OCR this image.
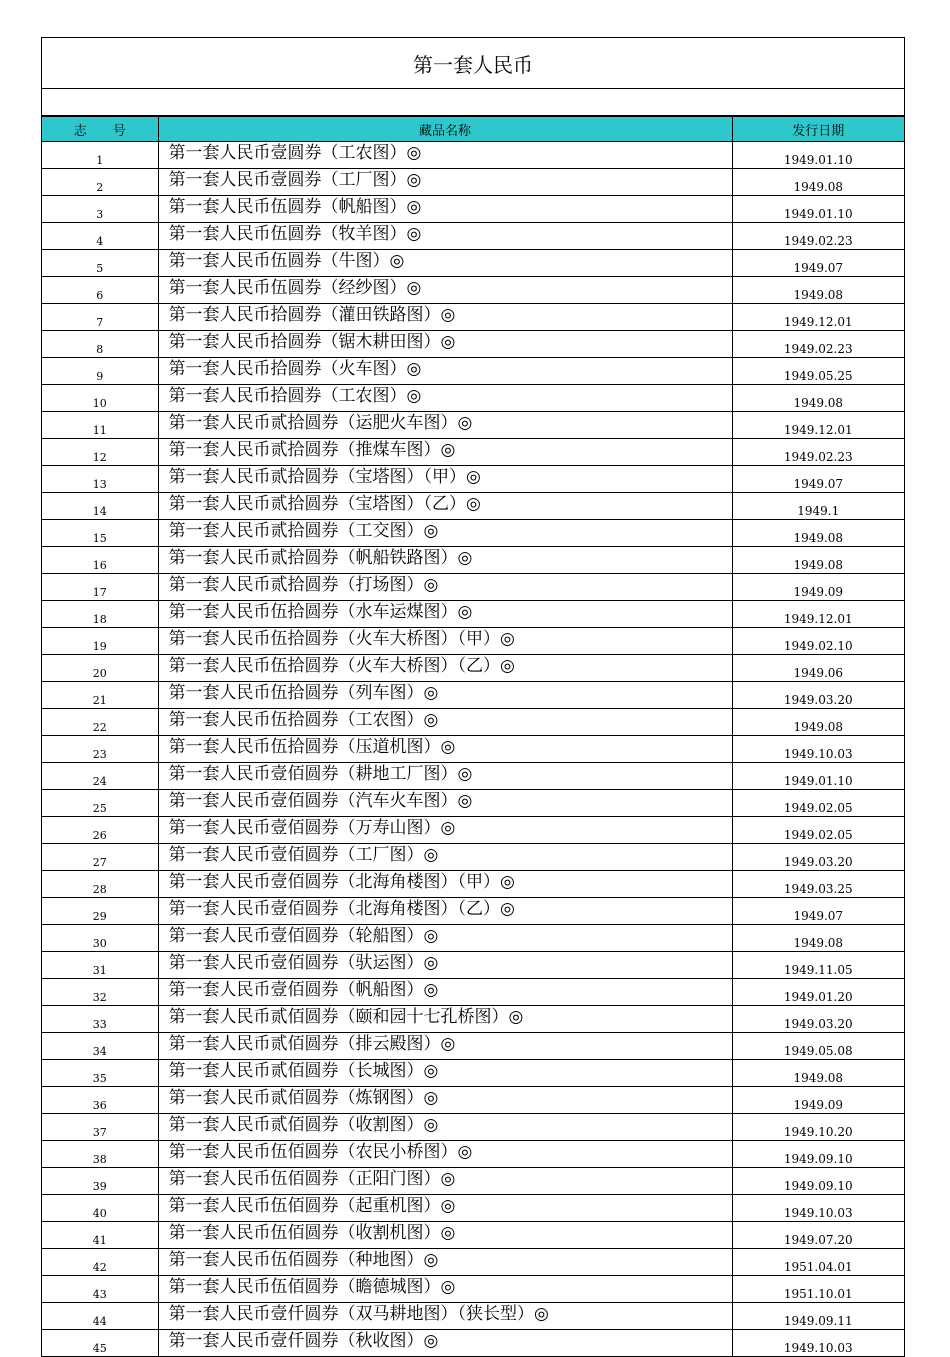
第一套人民币
志　　号	藏品名称	发行日期
1	第一套人民币壹圆券（工农图）◎	1949.01.10
2	第一套人民币壹圆券（工厂图）◎	1949.08
3	第一套人民币伍圆券（帆船图）◎	1949.01.10
4	第一套人民币伍圆券（牧羊图）◎	1949.02.23
5	第一套人民币伍圆券（牛图）◎	1949.07
6	第一套人民币伍圆券（经纱图）◎	1949.08
7	第一套人民币拾圆券（灌田铁路图）◎	1949.12.01
8	第一套人民币拾圆券（锯木耕田图）◎	1949.02.23
9	第一套人民币拾圆券（火车图）◎	1949.05.25
10	第一套人民币拾圆券（工农图）◎	1949.08
11	第一套人民币贰拾圆券（运肥火车图）◎	1949.12.01
12	第一套人民币贰拾圆券（推煤车图）◎	1949.02.23
13	第一套人民币贰拾圆券（宝塔图）（甲）◎	1949.07
14	第一套人民币贰拾圆券（宝塔图）（乙）◎	1949.1
15	第一套人民币贰拾圆券（工交图）◎	1949.08
16	第一套人民币贰拾圆券（帆船铁路图）◎	1949.08
17	第一套人民币贰拾圆券（打场图）◎	1949.09
18	第一套人民币伍拾圆券（水车运煤图）◎	1949.12.01
19	第一套人民币伍拾圆券（火车大桥图）（甲）◎	1949.02.10
20	第一套人民币伍拾圆券（火车大桥图）（乙）◎	1949.06
21	第一套人民币伍拾圆券（列车图）◎	1949.03.20
22	第一套人民币伍拾圆券（工农图）◎	1949.08
23	第一套人民币伍拾圆券（压道机图）◎	1949.10.03
24	第一套人民币壹佰圆券（耕地工厂图）◎	1949.01.10
25	第一套人民币壹佰圆券（汽车火车图）◎	1949.02.05
26	第一套人民币壹佰圆券（万寿山图）◎	1949.02.05
27	第一套人民币壹佰圆券（工厂图）◎	1949.03.20
28	第一套人民币壹佰圆券（北海角楼图）（甲）◎	1949.03.25
29	第一套人民币壹佰圆券（北海角楼图）（乙）◎	1949.07
30	第一套人民币壹佰圆券（轮船图）◎	1949.08
31	第一套人民币壹佰圆券（驮运图）◎	1949.11.05
32	第一套人民币壹佰圆券（帆船图）◎	1949.01.20
33	第一套人民币贰佰圆券（颐和园十七孔桥图）◎	1949.03.20
34	第一套人民币贰佰圆券（排云殿图）◎	1949.05.08
35	第一套人民币贰佰圆券（长城图）◎	1949.08
36	第一套人民币贰佰圆券（炼钢图）◎	1949.09
37	第一套人民币贰佰圆券（收割图）◎	1949.10.20
38	第一套人民币伍佰圆券（农民小桥图）◎	1949.09.10
39	第一套人民币伍佰圆券（正阳门图）◎	1949.09.10
40	第一套人民币伍佰圆券（起重机图）◎	1949.10.03
41	第一套人民币伍佰圆券（收割机图）◎	1949.07.20
42	第一套人民币伍佰圆券（种地图）◎	1951.04.01
43	第一套人民币伍佰圆券（瞻德城图）◎	1951.10.01
44	第一套人民币壹仟圆券（双马耕地图）（狭长型）◎	1949.09.11
45	第一套人民币壹仟圆券（秋收图）◎	1949.10.03
